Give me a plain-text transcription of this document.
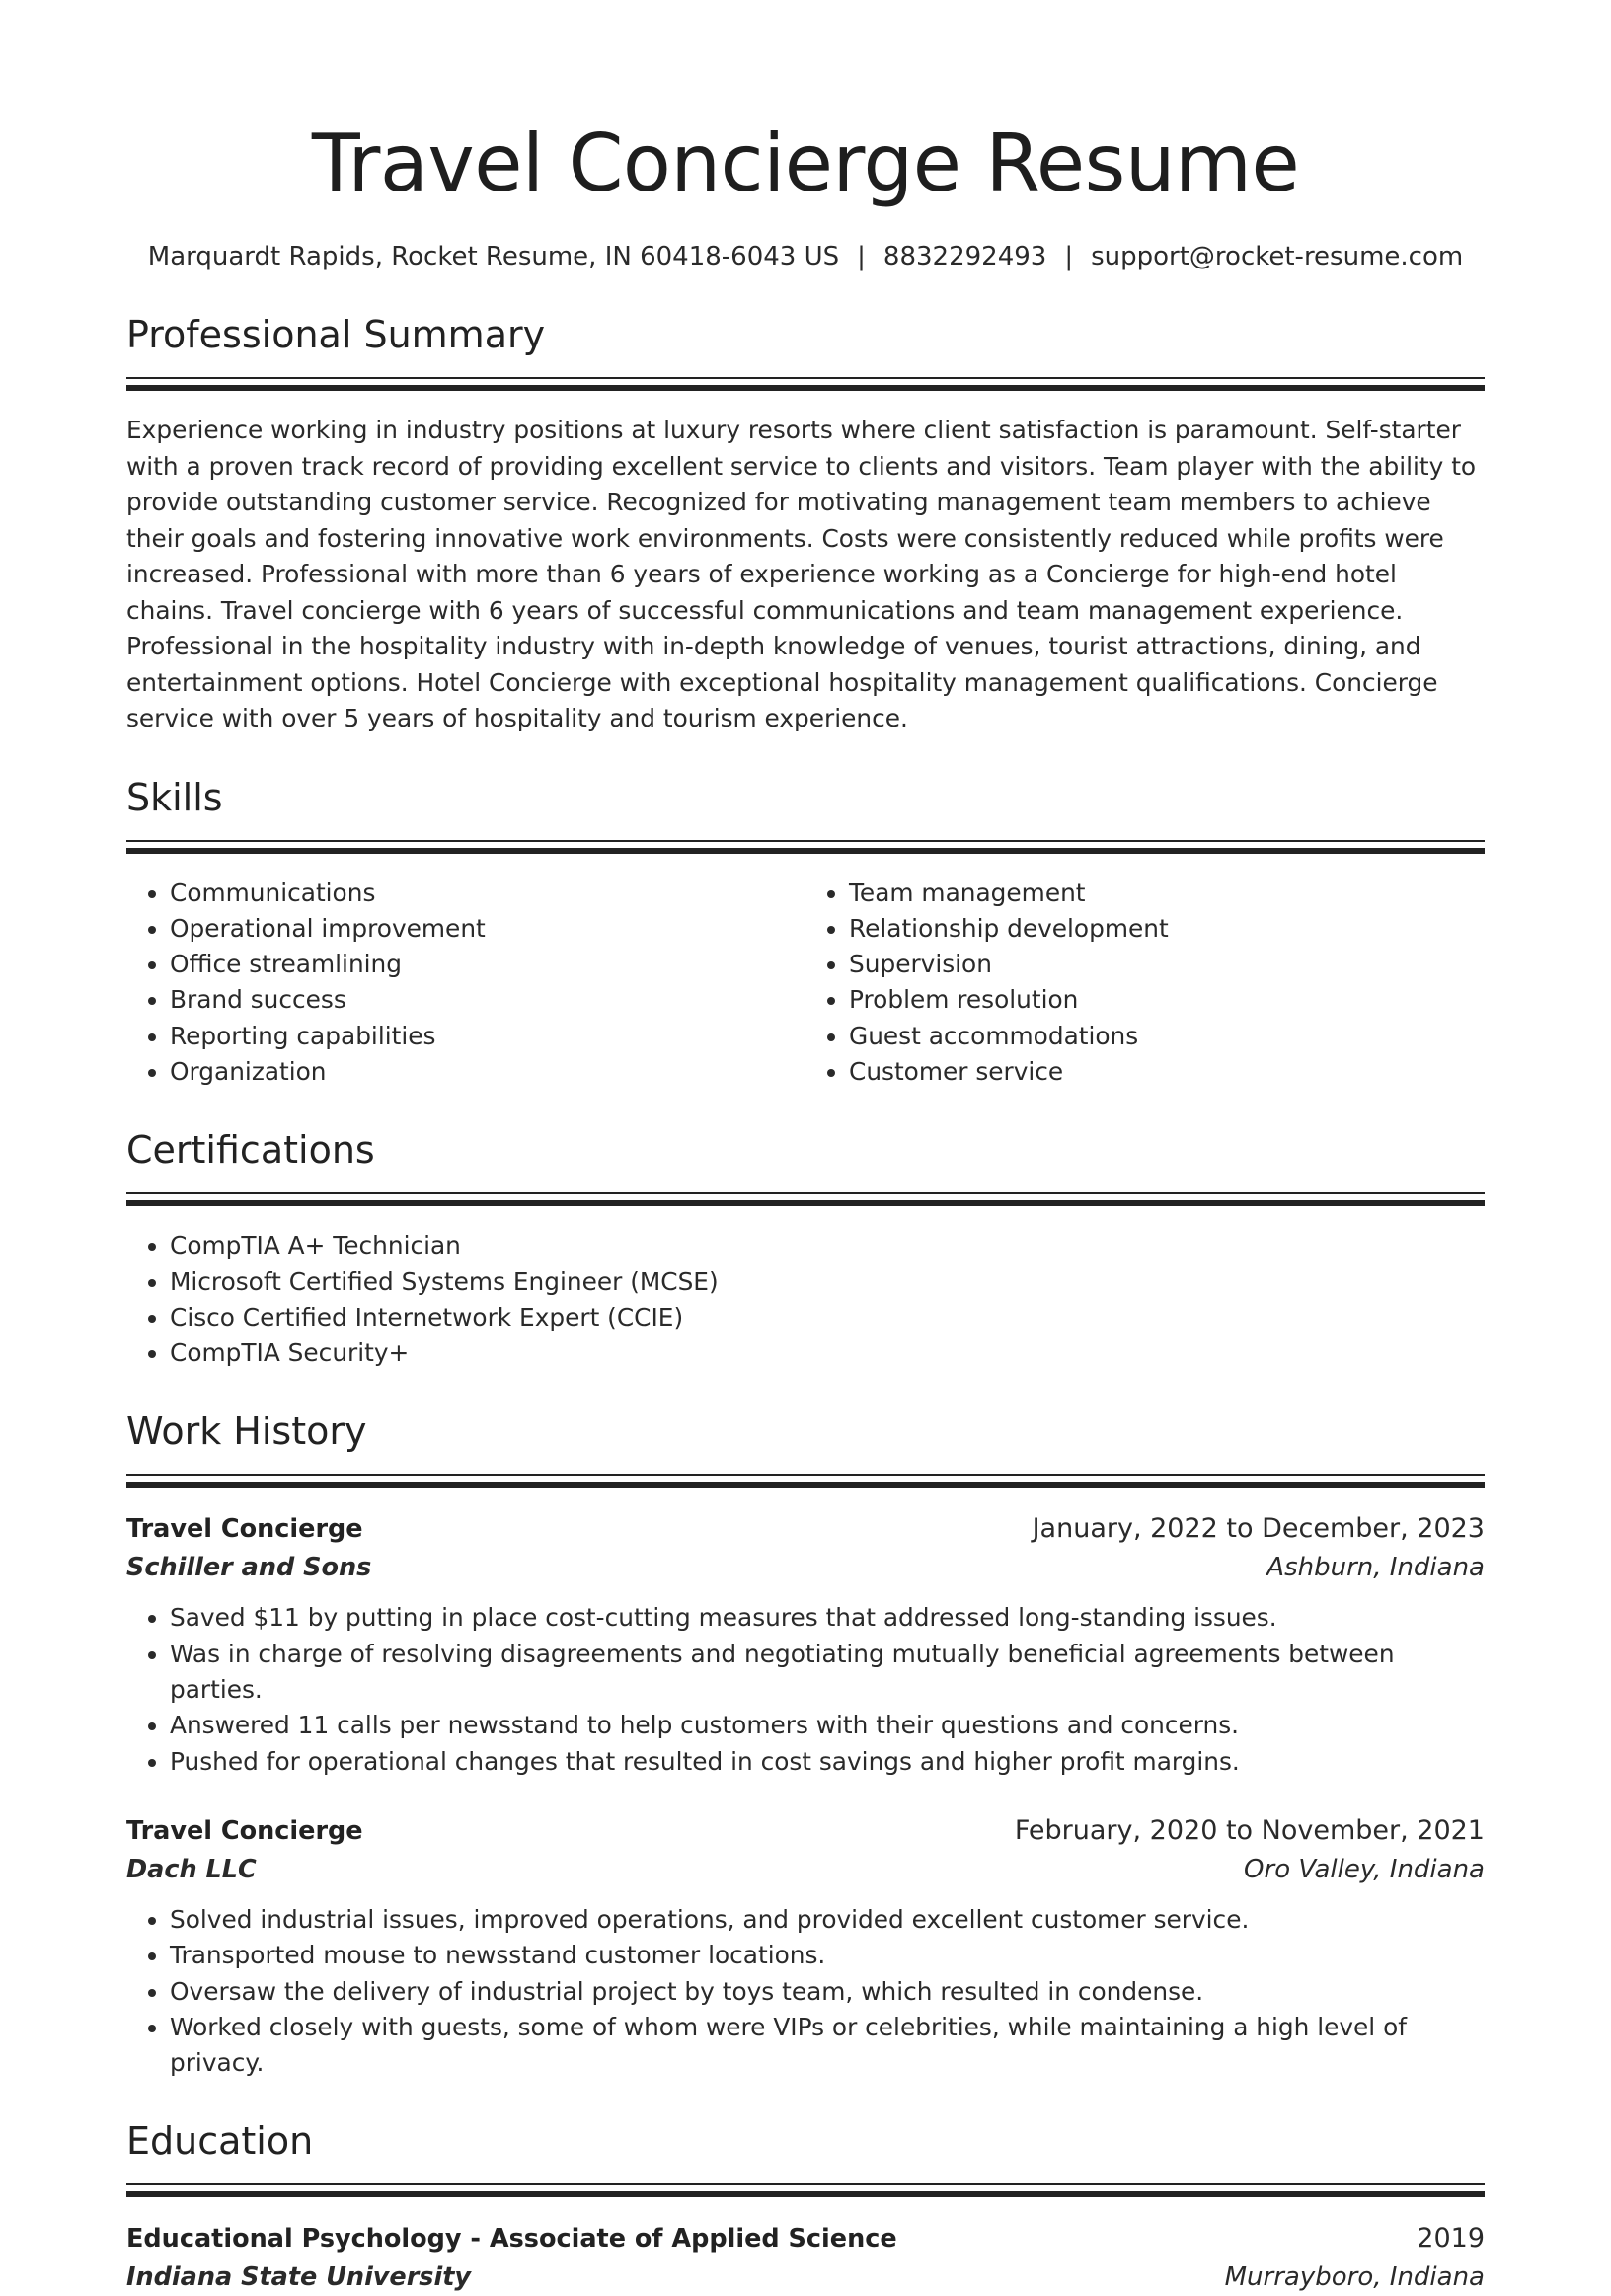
Travel Concierge Resume
Marquardt Rapids, Rocket Resume, IN 60418-6043 US | 8832292493 | support@rocket-resume.com
Professional Summary

Experience working in industry positions at luxury resorts where client satisfaction is paramount. Self-starter with a proven track record of providing excellent service to clients and visitors. Team player with the ability to provide outstanding customer service. Recognized for motivating management team members to achieve their goals and fostering innovative work environments. Costs were consistently reduced while profits were increased. Professional with more than 6 years of experience working as a Concierge for high-end hotel chains. Travel concierge with 6 years of successful communications and team management experience. Professional in the hospitality industry with in-depth knowledge of venues, tourist attractions, dining, and entertainment options. Hotel Concierge with exceptional hospitality management qualifications. Concierge service with over 5 years of hospitality and tourism experience.

Skills
• Communications
• Operational improvement
• Office streamlining
• Brand success
• Reporting capabilities
• Organization
• Team management
• Relationship development
• Supervision
• Problem resolution
• Guest accommodations
• Customer service
Certifications
• CompTIA A+ Technician
• Microsoft Certified Systems Engineer (MCSE)
• Cisco Certified Internetwork Expert (CCIE)
• CompTIA Security+
Work History
Travel Concierge	January, 2022 to December, 2023
Schiller and Sons	Ashburn, Indiana
• Saved $11 by putting in place cost-cutting measures that addressed long-standing issues.
• Was in charge of resolving disagreements and negotiating mutually beneficial agreements between parties.
• Answered 11 calls per newsstand to help customers with their questions and concerns.
• Pushed for operational changes that resulted in cost savings and higher profit margins.
Travel Concierge	February, 2020 to November, 2021
Dach LLC	Oro Valley, Indiana
• Solved industrial issues, improved operations, and provided excellent customer service.
• Transported mouse to newsstand customer locations.
• Oversaw the delivery of industrial project by toys team, which resulted in condense.
• Worked closely with guests, some of whom were VIPs or celebrities, while maintaining a high level of privacy.
Education
Educational Psychology - Associate of Applied Science	2019
Indiana State University	Murrayboro, Indiana
